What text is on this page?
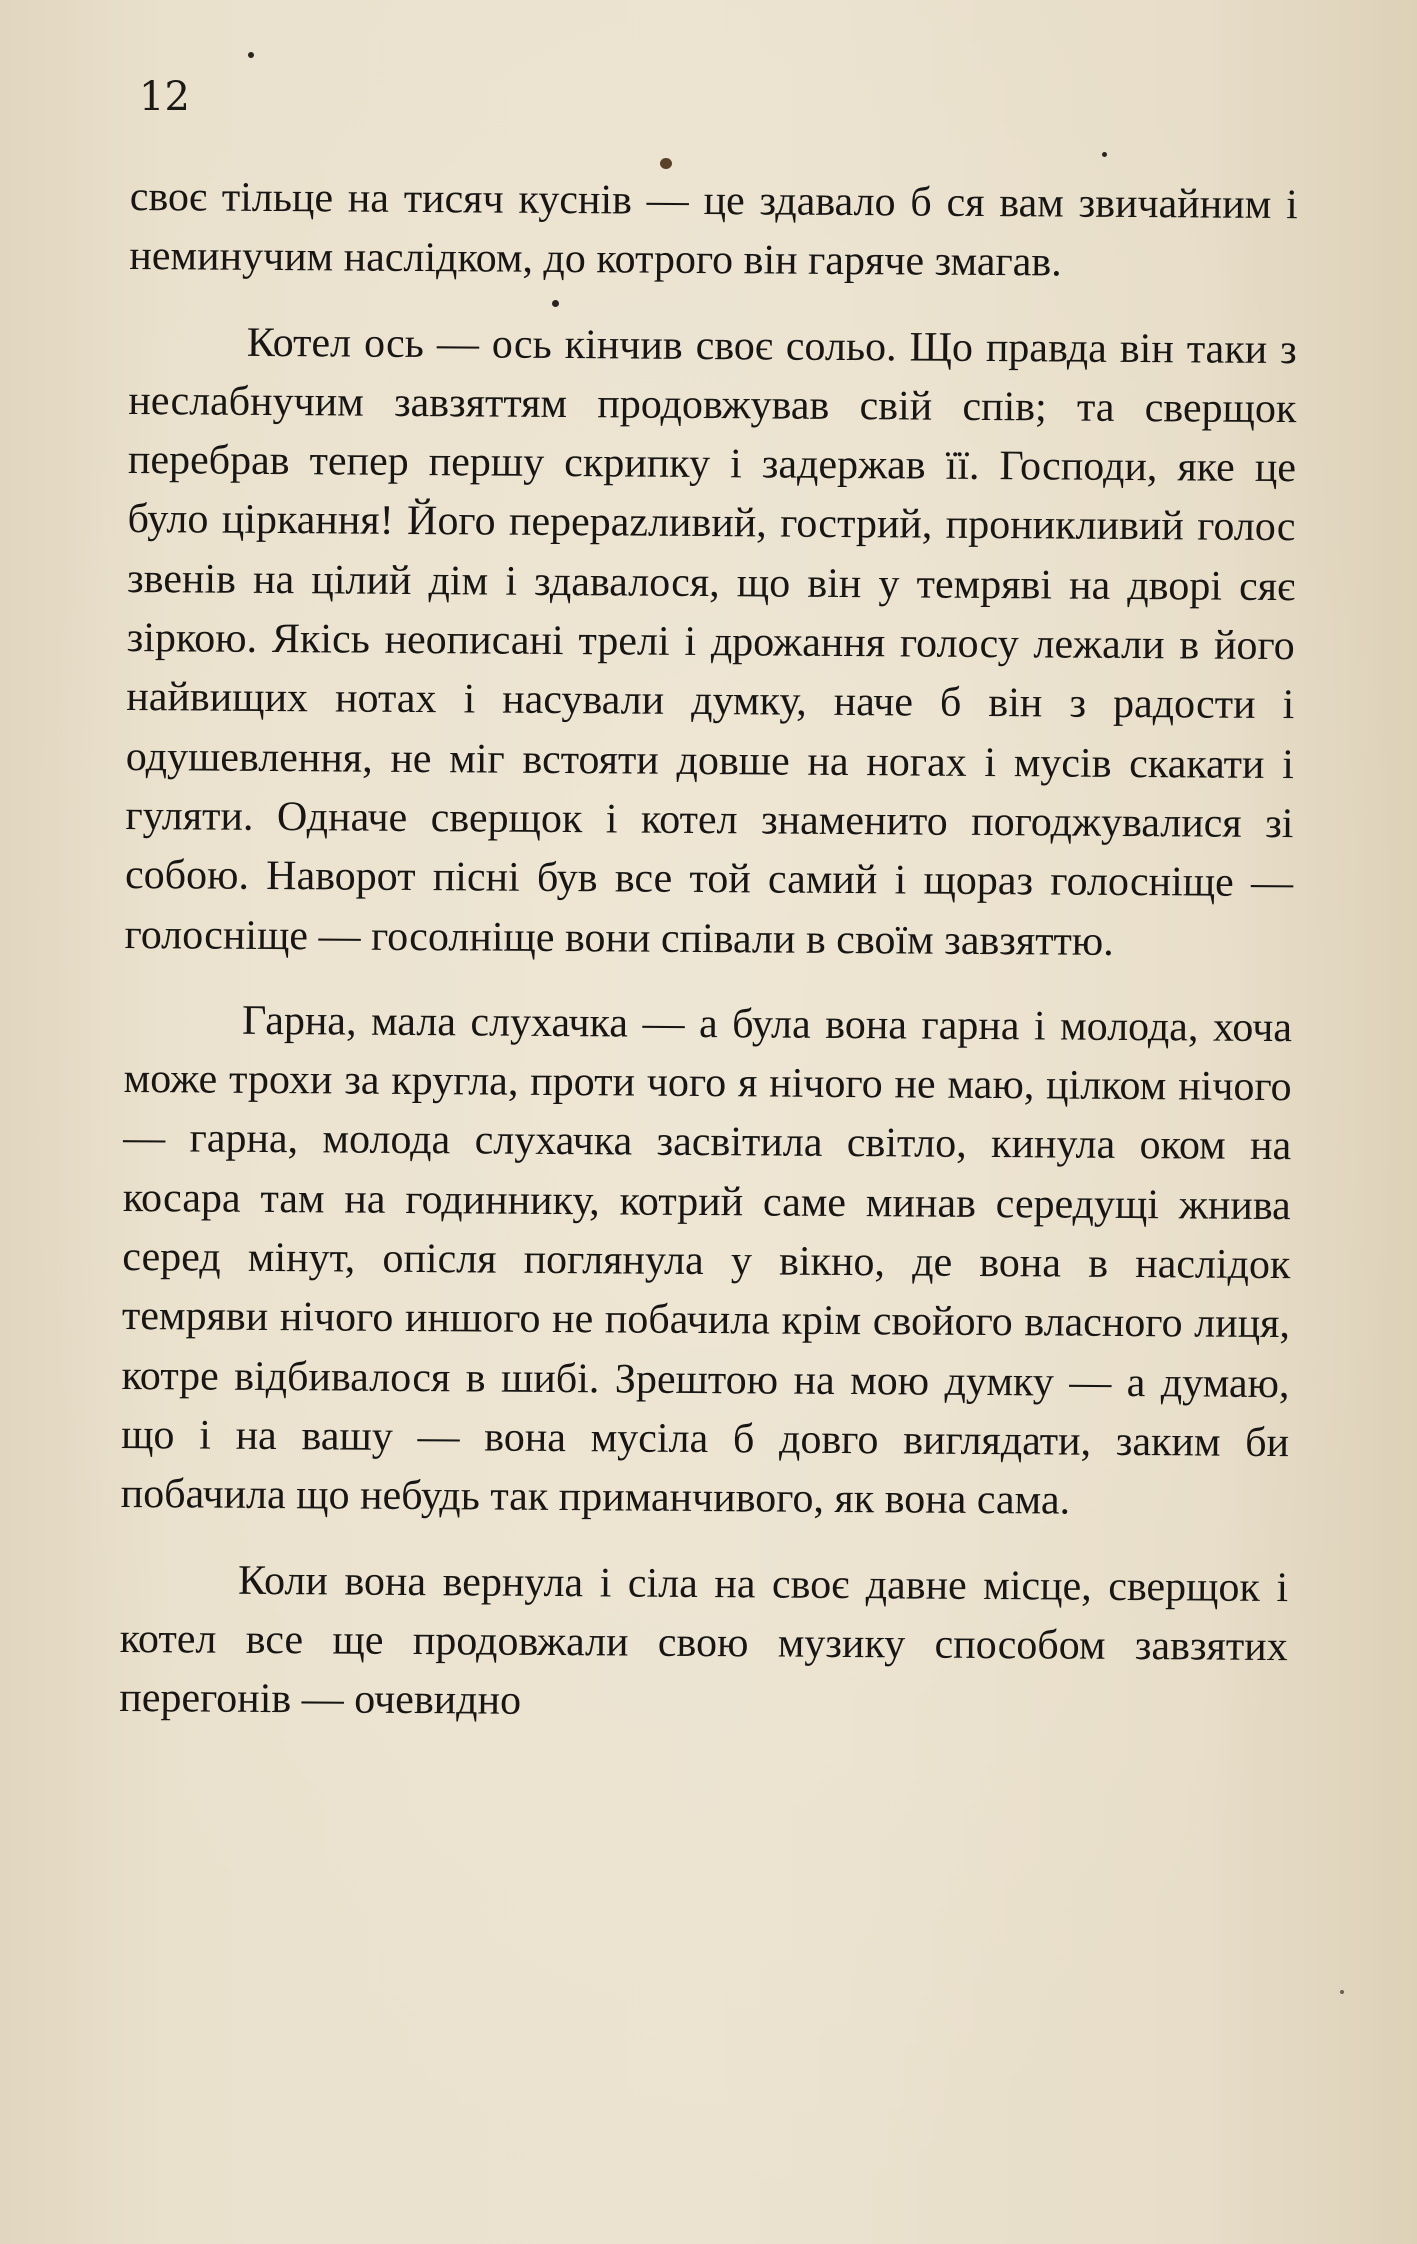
12

своє тільце на тисяч куснів — це здавало б ся вам звичайним і неминучим наслідком, до котрого він гаряче змагав.

Котел ось — ось кінчив своє сольо. Що правда він таки з неслабнучим завзяттям продовжував свій спів; та сверщок перебрав тепер першу скрипку і задержав її. Господи, яке це було ціркання! Його перерazливий, гострий, проникливий голос звенів на цілий дім і здавалося, що він у темряві на дворі сяє зіркою. Якісь неописані трелі і дрожання голосу лежали в його найвищих нотах і насували думку, наче б він з радости і одушевлення, не міг встояти довше на ногах і мусів скакати і гуляти. Одначе сверщок і котел знаменито погоджувалися зі собою. Наворот пісні був все той самий і щораз голосніще — голосніще — госолніще вони співали в своїм завзяттю.

Гарна, мала слухачка — а була вона гарна і молода, хоча може трохи за кругла, проти чого я нічого не маю, цілком нічого — гарна, молода слухачка засвітила світло, кинула оком на косара там на годиннику, котрий саме минав середущі жнива серед мінут, опісля поглянула у вікно, де вона в наслідок темряви нічого иншого не побачила крім свойого власного лиця, котре відбивалося в шибі. Зрештою на мою думку — а думаю, що і на вашу — вона мусіла б довго виглядати, заким би побачила що небудь так приманчивого, як вона сама.

Коли вона вернула і сіла на своє давне місце, сверщок і котел все ще продовжали свою музику способом завзятих перегонів — очевидно
